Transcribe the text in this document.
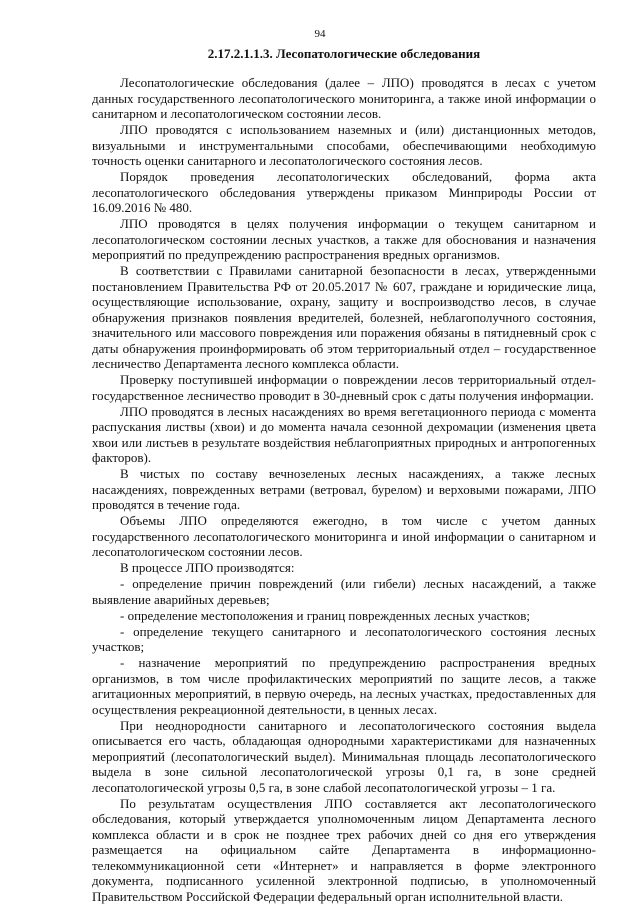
94
2.17.2.1.1.3. Лесопатологические обследования

Лесопатологические обследования (далее – ЛПО) проводятся в лесах с учетом данных государственного лесопатологического мониторинга, а также иной информации о санитарном и лесопатологическом состоянии лесов.

ЛПО проводятся с использованием наземных и (или) дистанционных методов, визуальными и инструментальными способами, обеспечивающими необходимую точность оценки санитарного и лесопатологического состояния лесов.

Порядок проведения лесопатологических обследований, форма акта лесопатологического обследования утверждены приказом Минприроды России от 16.09.2016 № 480.

ЛПО проводятся в целях получения информации о текущем санитарном и лесопатологическом состоянии лесных участков, а также для обоснования и назначения мероприятий по предупреждению распространения вредных организмов.

В соответствии с Правилами санитарной безопасности в лесах, утвержденными постановлением Правительства РФ от 20.05.2017 № 607, граждане и юридические лица, осуществляющие использование, охрану, защиту и воспроизводство лесов, в случае обнаружения признаков появления вредителей, болезней, неблагополучного состояния, значительного или массового повреждения или поражения обязаны в пятидневный срок с даты обнаружения проинформировать об этом территориальный отдел – государственное лесничество Департамента лесного комплекса области.

Проверку поступившей информации о повреждении лесов территориальный отдел-государственное лесничество проводит в 30-дневный срок с даты получения информации.

ЛПО проводятся в лесных насаждениях во время вегетационного периода с момента распускания листвы (хвои) и до момента начала сезонной дехромации (изменения цвета хвои или листьев в результате воздействия неблагоприятных природных и антропогенных факторов).

В чистых по составу вечнозеленых лесных насаждениях, а также лесных насаждениях, поврежденных ветрами (ветровал, бурелом) и верховыми пожарами, ЛПО проводятся в течение года.

Объемы ЛПО определяются ежегодно, в том числе с учетом данных государственного лесопатологического мониторинга и иной информации о санитарном и лесопатологическом состоянии лесов.

В процессе ЛПО производятся:

- определение причин повреждений (или гибели) лесных насаждений, а также выявление аварийных деревьев;

- определение местоположения и границ поврежденных лесных участков;

- определение текущего санитарного и лесопатологического состояния лесных участков;

- назначение мероприятий по предупреждению распространения вредных организмов, в том числе профилактических мероприятий по защите лесов, а также агитационных мероприятий, в первую очередь, на лесных участках, предоставленных для осуществления рекреационной деятельности, в ценных лесах.

При неоднородности санитарного и лесопатологического состояния выдела описывается его часть, обладающая однородными характеристиками для назначенных мероприятий (лесопатологический выдел). Минимальная площадь лесопатологического выдела в зоне сильной лесопатологической угрозы 0,1 га, в зоне средней лесопатологической угрозы 0,5 га, в зоне слабой лесопатологической угрозы – 1 га.

По результатам осуществления ЛПО составляется акт лесопатологического обследования, который утверждается уполномоченным лицом Департамента лесного комплекса области и в срок не позднее трех рабочих дней со дня его утверждения размещается на официальном сайте Департамента в информационно-телекоммуникационной сети «Интернет» и направляется в форме электронного документа, подписанного усиленной электронной подписью, в уполномоченный Правительством Российской Федерации федеральный орган исполнительной власти.
